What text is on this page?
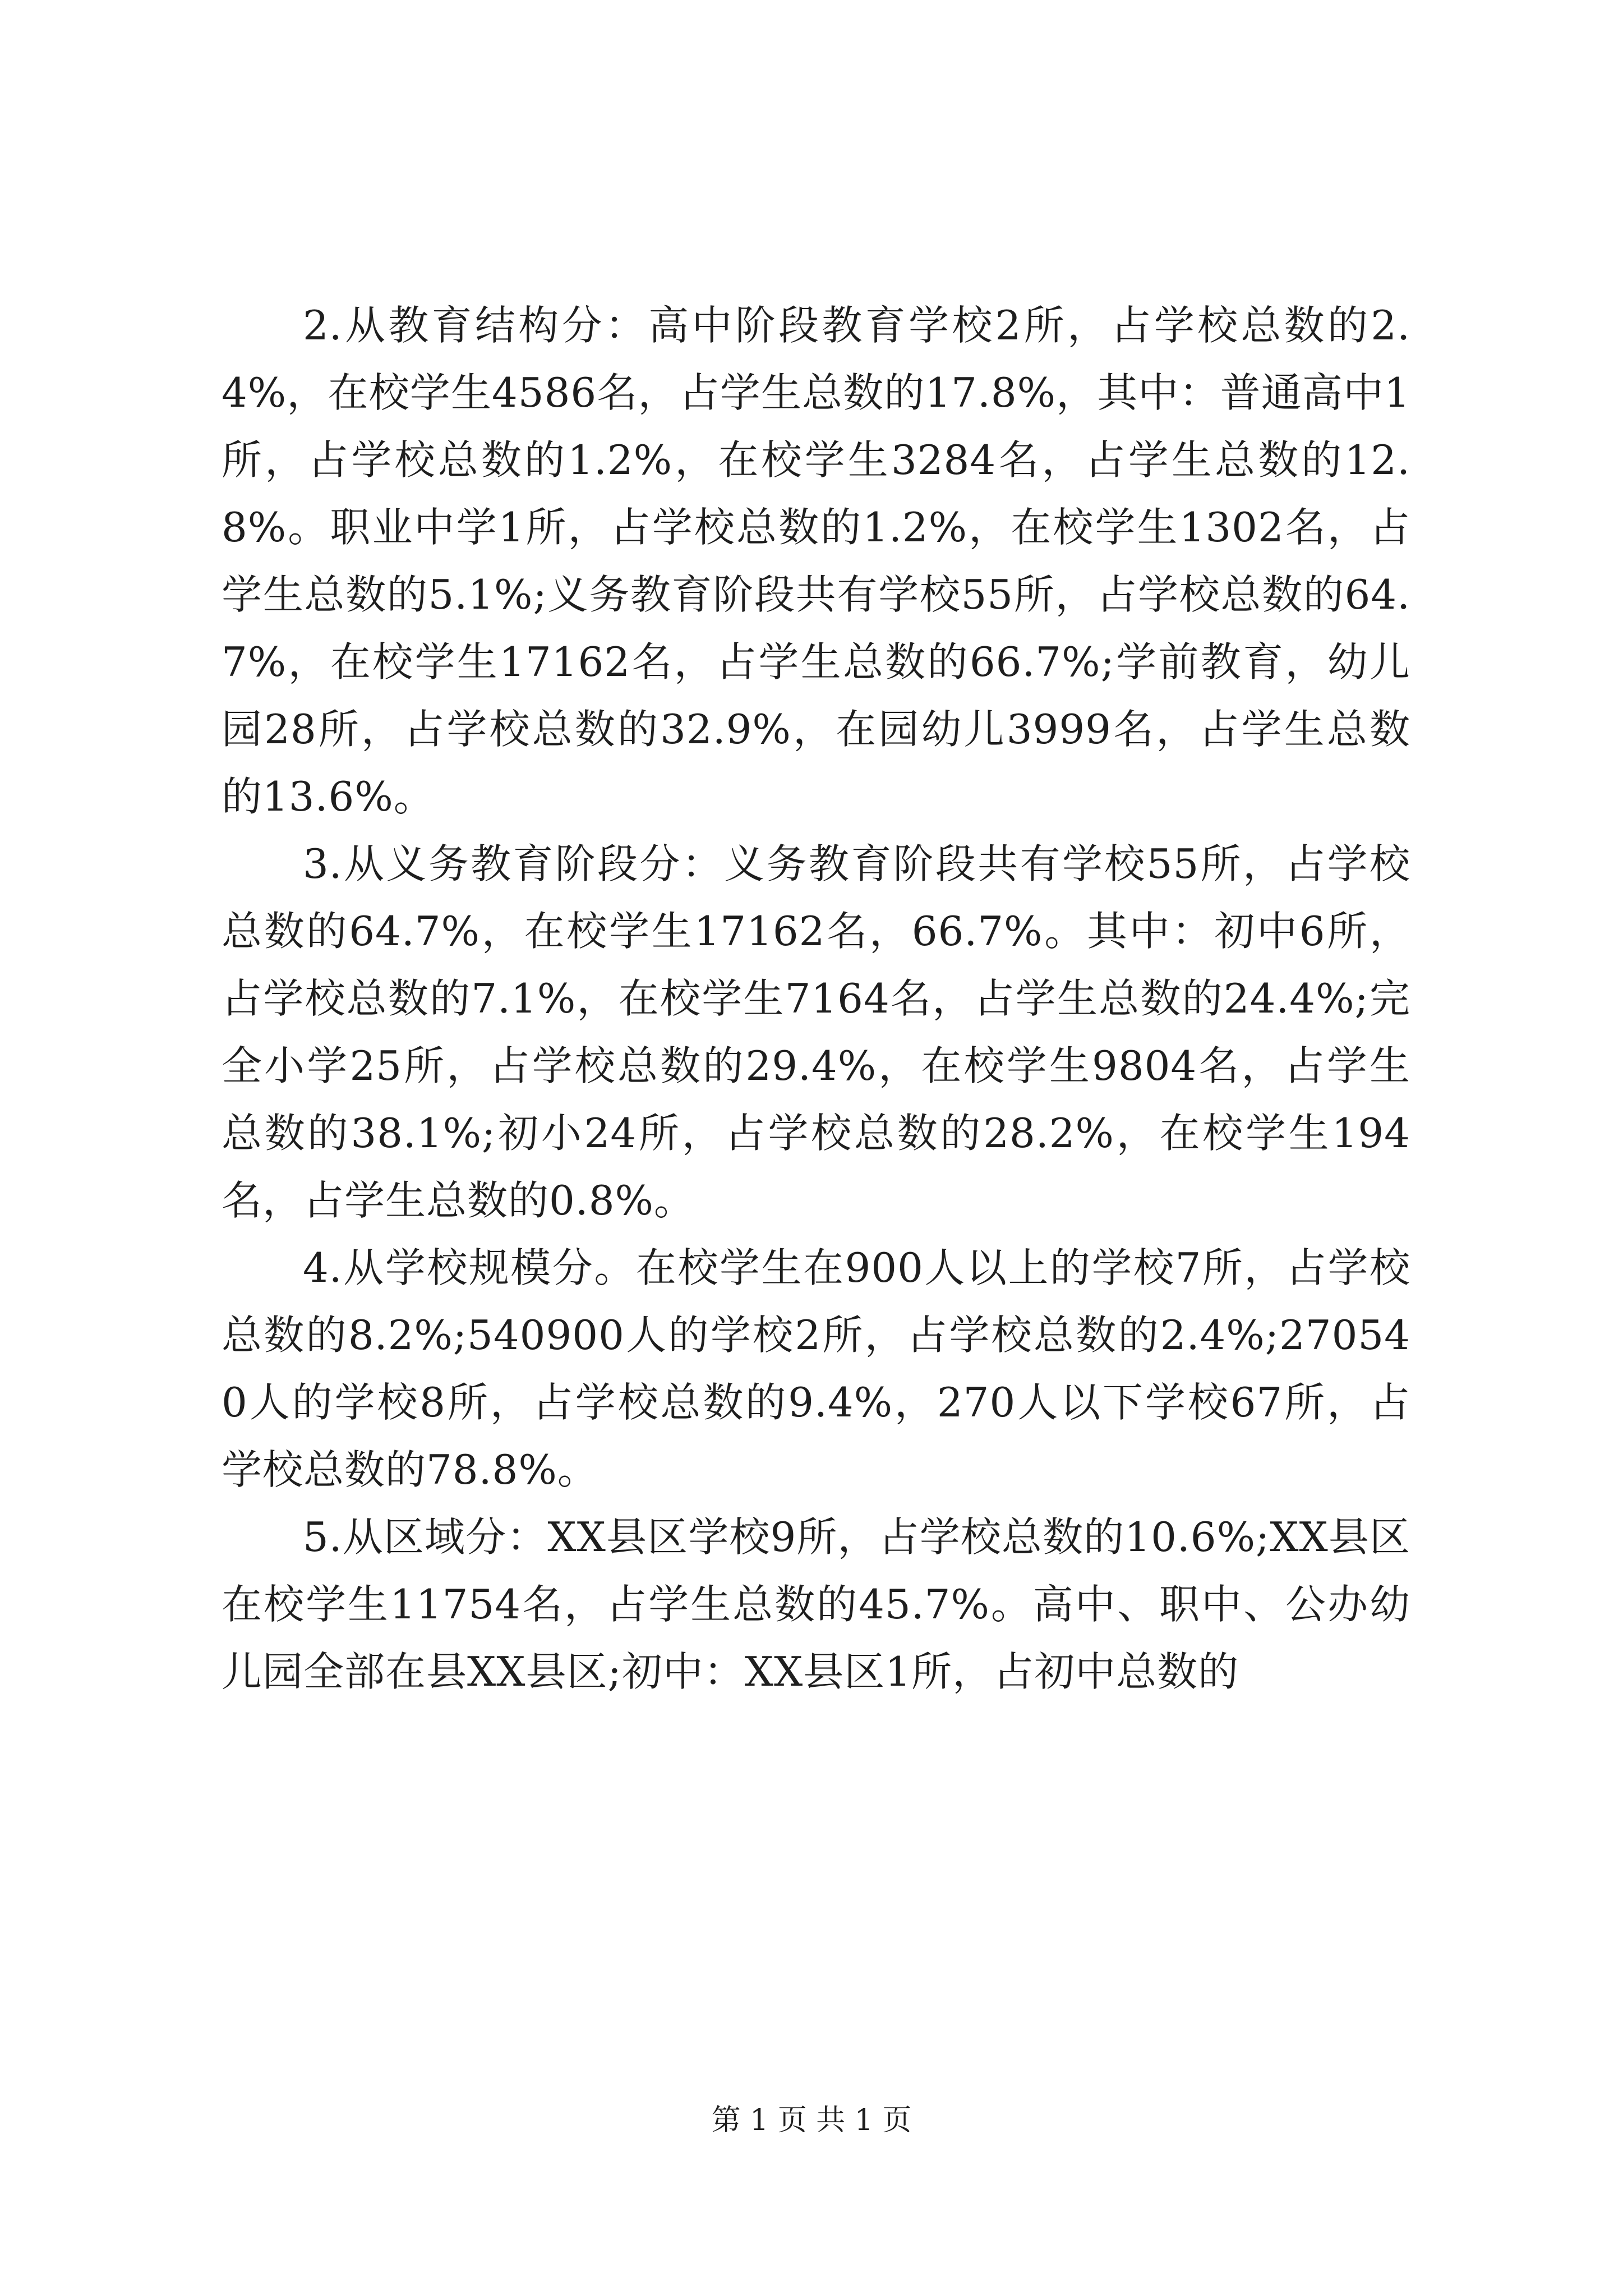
2.从教育结构分：高中阶段教育学校2所，占学校总数的2.4%，在校学生4586名，占学生总数的17.8%，其中：普通高中1所，占学校总数的1.2%，在校学生3284名，占学生总数的12.8%。职业中学1所，占学校总数的1.2%，在校学生1302名，占学生总数的5.1%;义务教育阶段共有学校55所，占学校总数的64.7%，在校学生17162名，占学生总数的66.7%;学前教育，幼儿园28所，占学校总数的32.9%，在园幼儿3999名，占学生总数的13.6%。

3.从义务教育阶段分：义务教育阶段共有学校55所，占学校总数的64.7%，在校学生17162名，66.7%。其中：初中6所，占学校总数的7.1%，在校学生7164名，占学生总数的24.4%;完全小学25所，占学校总数的29.4%，在校学生9804名，占学生总数的38.1%;初小24所，占学校总数的28.2%，在校学生194名，占学生总数的0.8%。

4.从学校规模分。在校学生在900人以上的学校7所，占学校总数的8.2%;540900人的学校2所，占学校总数的2.4%;270540人的学校8所，占学校总数的9.4%，270人以下学校67所，占学校总数的78.8%。

5.从区域分：XX县区学校9所，占学校总数的10.6%;XX县区在校学生11754名，占学生总数的45.7%。高中、职中、公办幼儿园全部在县XX县区;初中：XX县区1所，占初中总数的

第 1 页 共 1 页
